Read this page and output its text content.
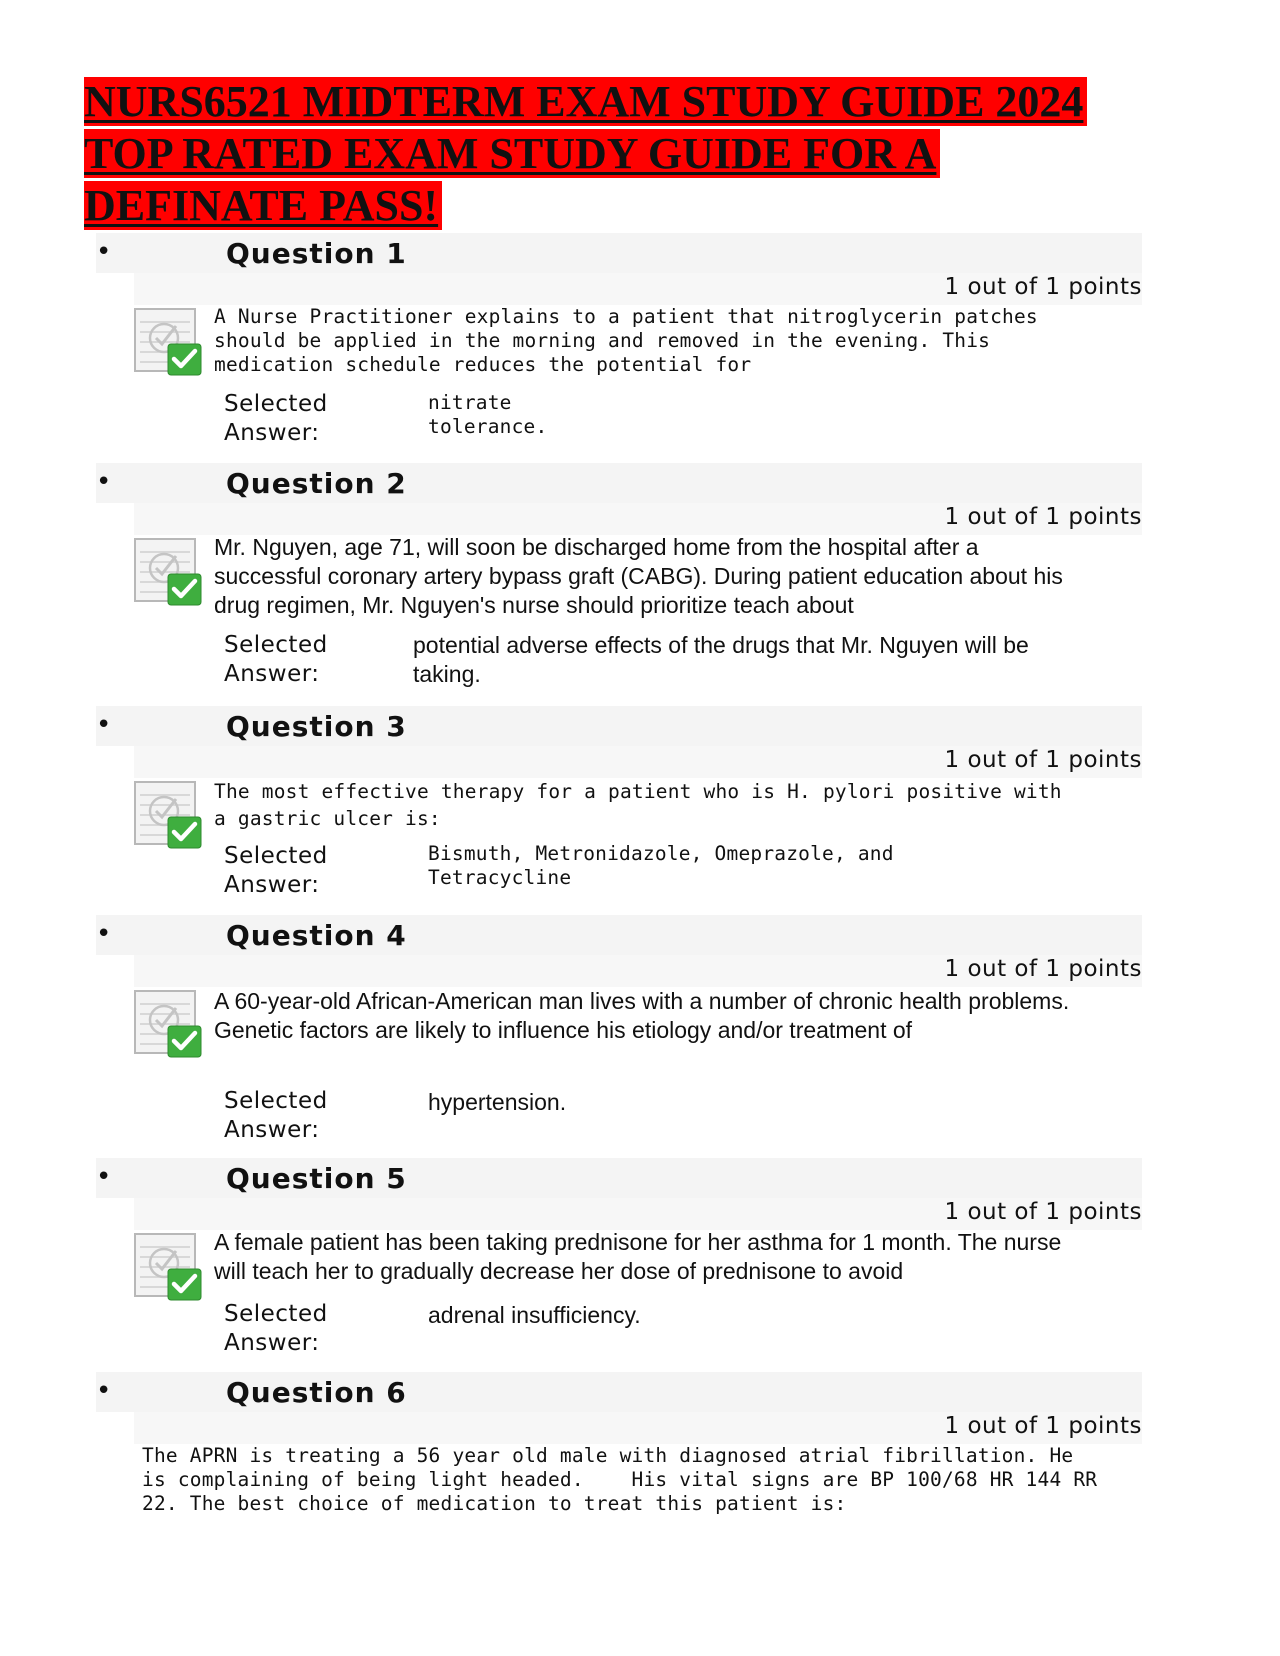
NURS6521 MIDTERM EXAM STUDY GUIDE 2024
TOP RATED EXAM STUDY GUIDE FOR A
DEFINATE PASS!
•	Question 1
1 out of 1 points
A Nurse Practitioner explains to a patient that nitroglycerin patches should be applied in the morning and removed in the evening. This medication schedule reduces the potential for
Selected
Answer:
nitrate
tolerance.
•	Question 2
1 out of 1 points
Mr. Nguyen, age 71, will soon be discharged home from the hospital after a successful coronary artery bypass graft (CABG). During patient education about his drug regimen, Mr. Nguyen's nurse should prioritize teach about
Selected
Answer:
potential adverse effects of the drugs that Mr. Nguyen will be taking.
•	Question 3
1 out of 1 points
The most effective therapy for a patient who is H. pylori positive with a gastric ulcer is:
Selected
Answer:
Bismuth, Metronidazole, Omeprazole, and
Tetracycline
•	Question 4
1 out of 1 points
A 60-year-old African-American man lives with a number of chronic health problems. Genetic factors are likely to influence his etiology and/or treatment of
Selected
Answer:
hypertension.
•	Question 5
1 out of 1 points
A female patient has been taking prednisone for her asthma for 1 month. The nurse will teach her to gradually decrease her dose of prednisone to avoid
Selected
Answer:
adrenal insufficiency.
•	Question 6
1 out of 1 points
The APRN is treating a 56 year old male with diagnosed atrial fibrillation. He is complaining of being light headed.    His vital signs are BP 100/68 HR 144 RR 22. The best choice of medication to treat this patient is:
